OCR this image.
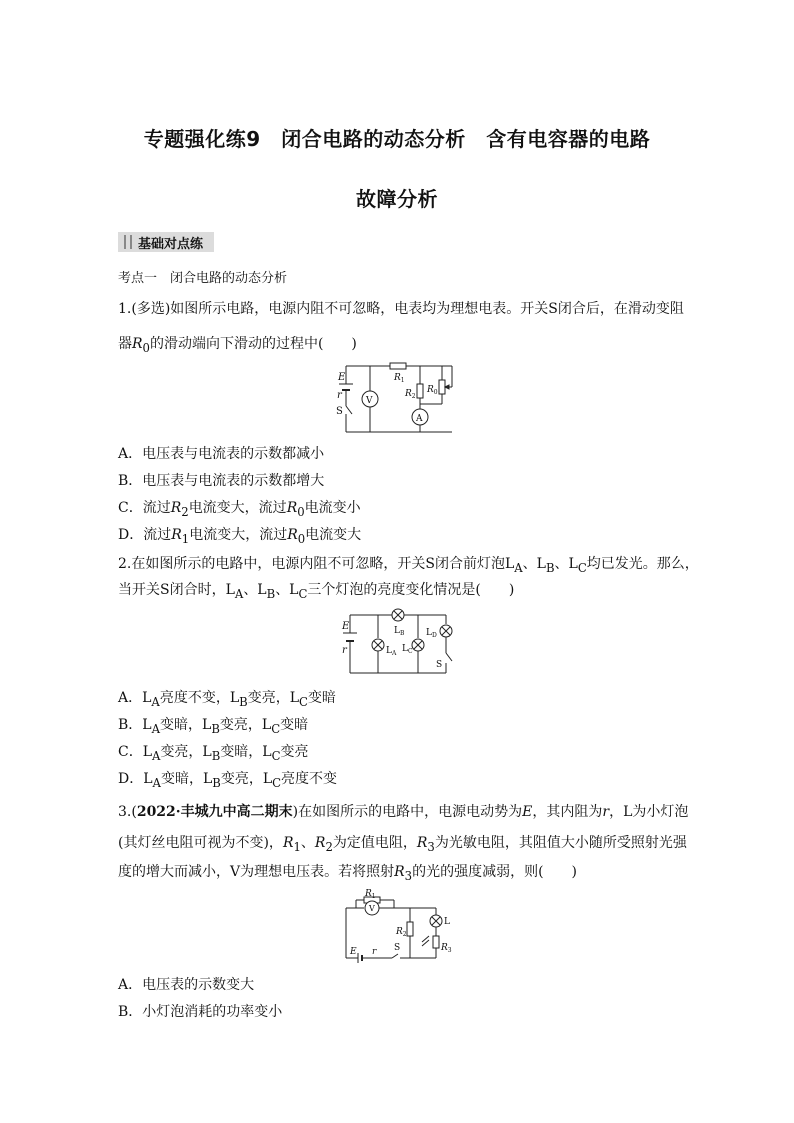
专题强化练9　闭合电路的动态分析　含有电容器的电路
故障分析
基础对点练
考点一　闭合电路的动态分析
1.(多选)如图所示电路，电源内阻不可忽略，电表均为理想电表。开关S闭合后，在滑动变阻
器$R_0$的滑动端向下滑动的过程中(　　)
E
r
S
V
A
$R_1$
$R_2$
$R_0$
A．电压表与电流表的示数都减小
B．电压表与电流表的示数都增大
C．流过$R_2$电流变大，流过$R_0$电流变小
D．流过$R_1$电流变大，流过$R_0$电流变大
2.在如图所示的电路中，电源内阻不可忽略，开关S闭合前灯泡$L_A$、$L_B$、$L_C$均已发光。那么，
当开关S闭合时，$L_A$、$L_B$、$L_C$三个灯泡的亮度变化情况是(　　)
E
r	$L_A$
$L_B$
$L_C$
$L_D$
S
A．$L_A$亮度不变，$L_B$变亮，$L_C$变暗
B．$L_A$变暗，$L_B$变亮，$L_C$变暗
C．$L_A$变亮，$L_B$变暗，$L_C$变亮
D．$L_A$变暗，$L_B$变亮，$L_C$亮度不变
3.(2022·丰城九中高二期末)在如图所示的电路中，电源电动势为E，其内阻为r，L为小灯泡
(其灯丝电阻可视为不变)，$R_1$、$R_2$为定值电阻，$R_3$为光敏电阻，其阻值大小随所受照射光强
度的增大而减小，V为理想电压表。若将照射$R_3$的光的强度减弱，则(　　)
$R_1$
V
$R_2$
L
$R_3$
E r S
A．电压表的示数变大
B．小灯泡消耗的功率变小
